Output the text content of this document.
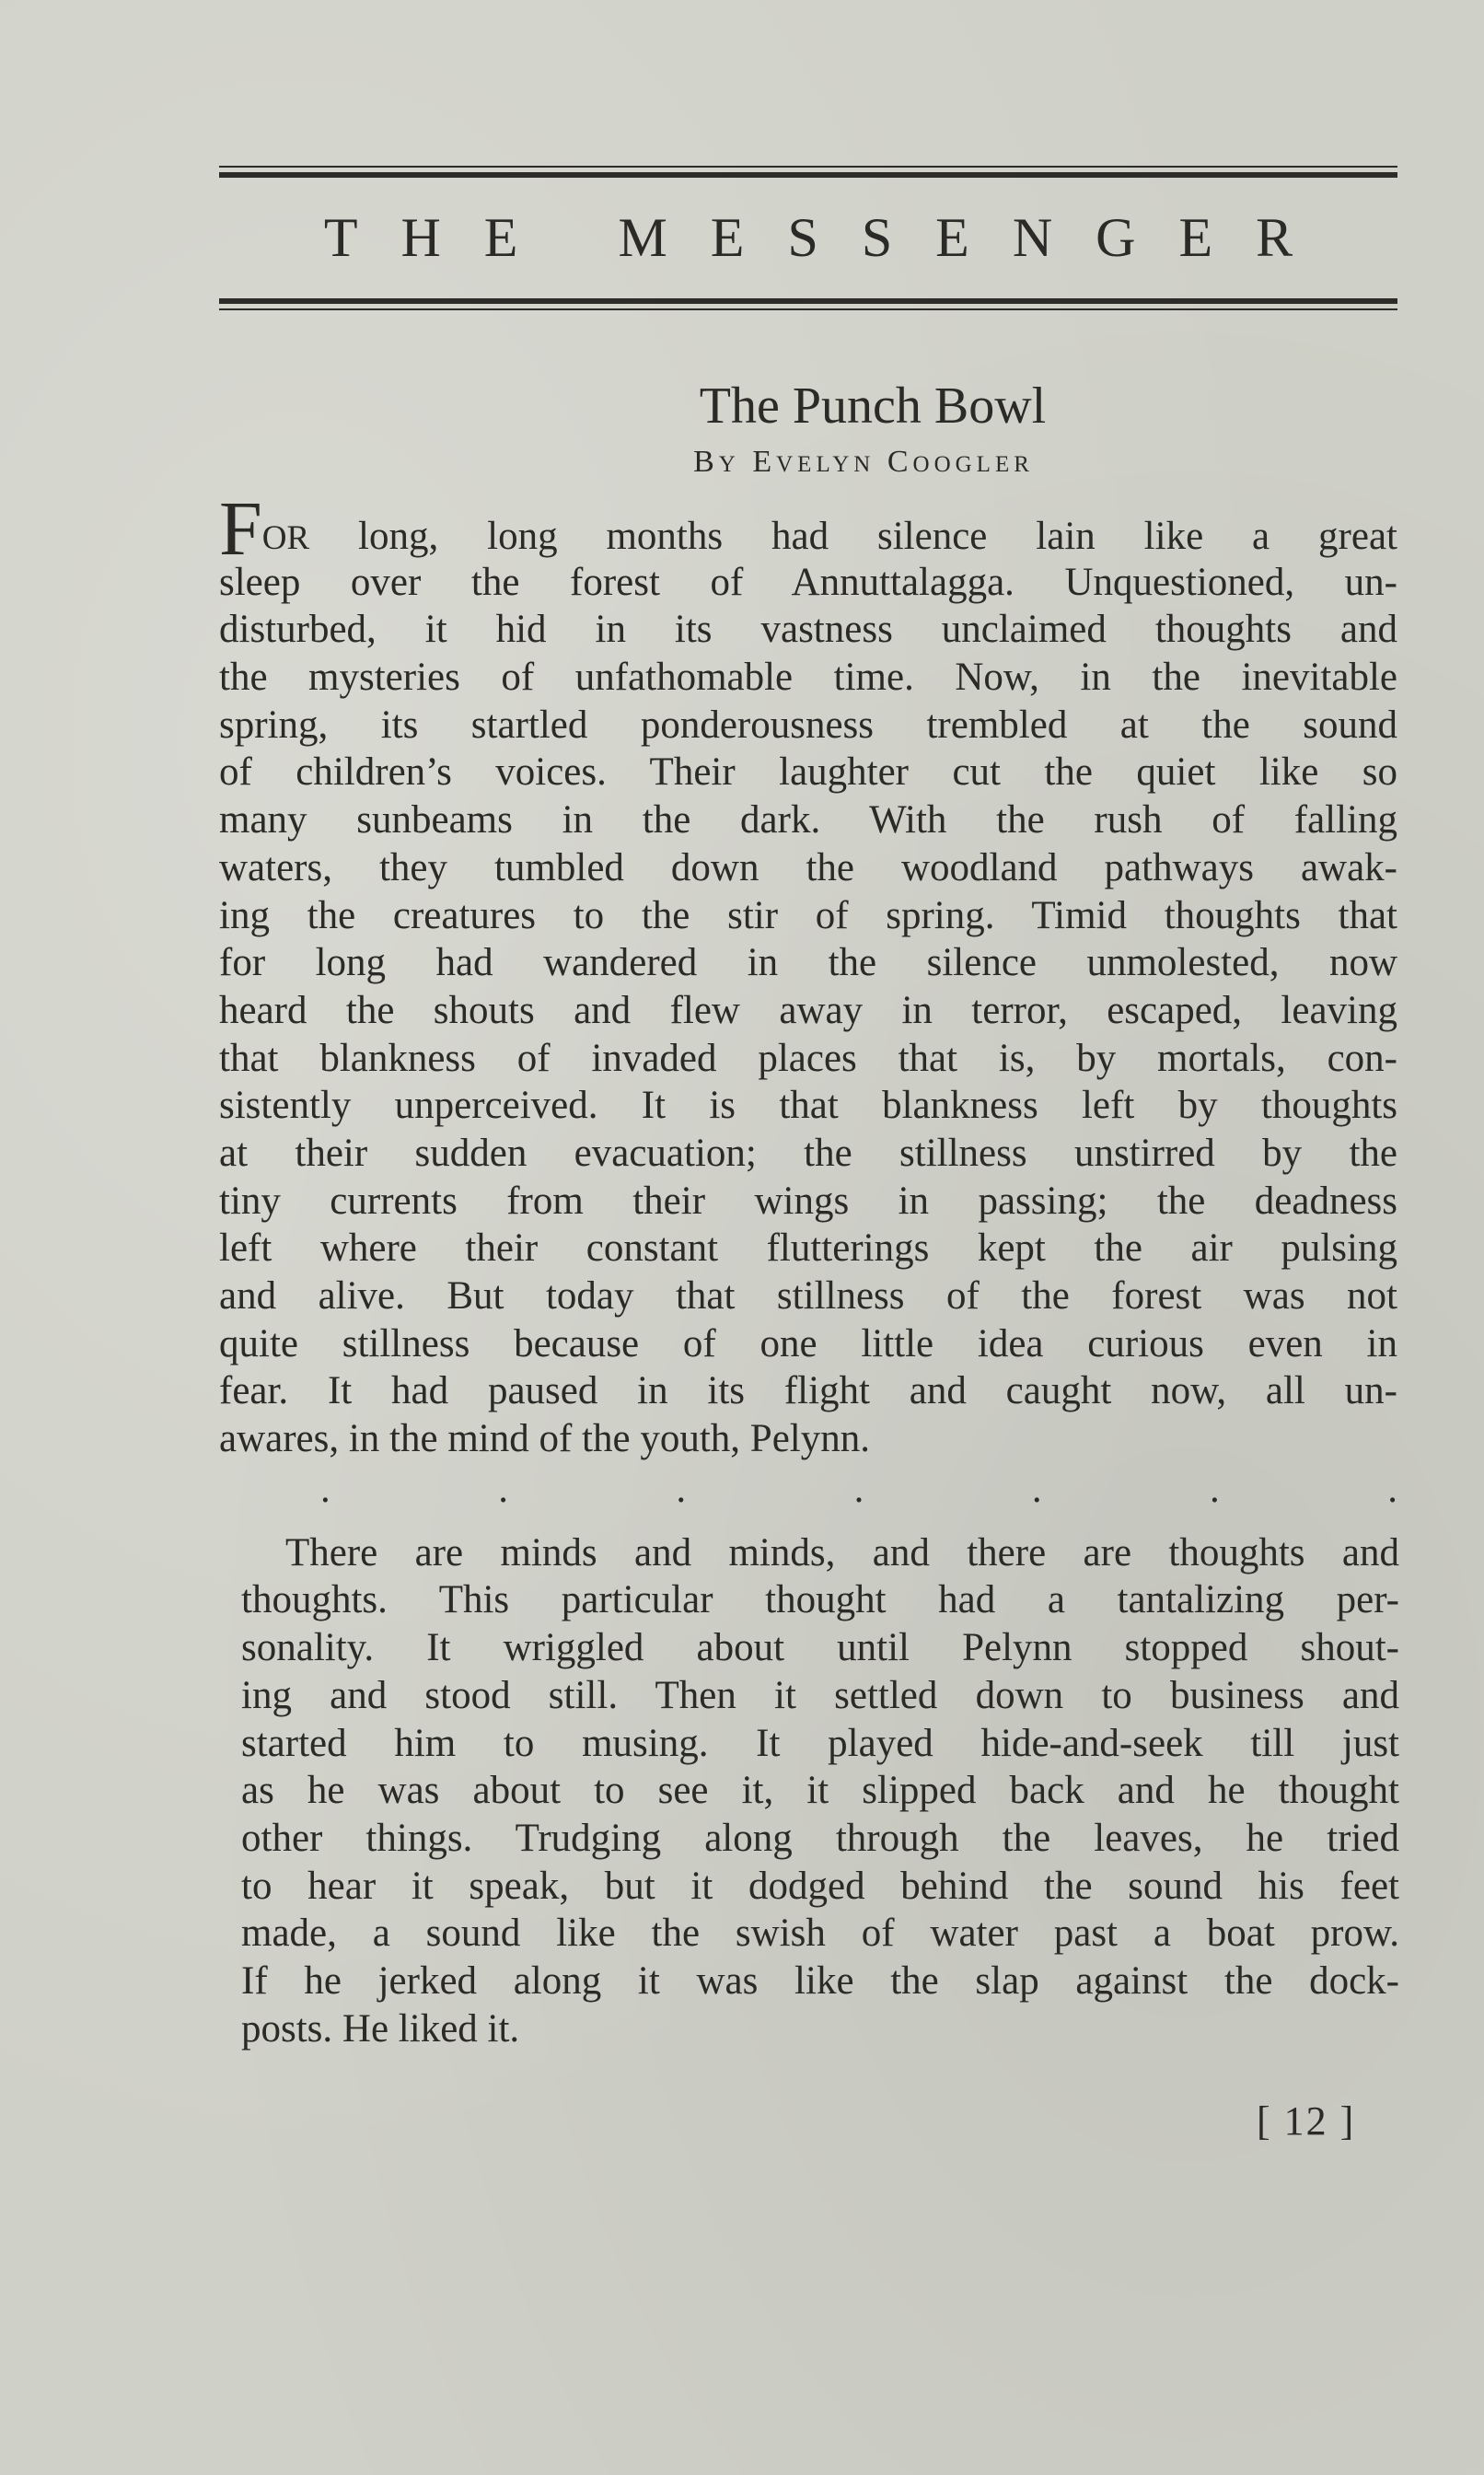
THE MESSENGER
The Punch Bowl
BY EVELYN COOGLER
FOR long, long months had silence lain like a great
sleep over the forest of Annuttalagga. Unquestioned, un-
disturbed, it hid in its vastness unclaimed thoughts and
the mysteries of unfathomable time. Now, in the inevitable
spring, its startled ponderousness trembled at the sound
of children’s voices. Their laughter cut the quiet like so
many sunbeams in the dark. With the rush of falling
waters, they tumbled down the woodland pathways awak-
ing the creatures to the stir of spring. Timid thoughts that
for long had wandered in the silence unmolested, now
heard the shouts and flew away in terror, escaped, leaving
that blankness of invaded places that is, by mortals, con-
sistently unperceived. It is that blankness left by thoughts
at their sudden evacuation; the stillness unstirred by the
tiny currents from their wings in passing; the deadness
left where their constant flutterings kept the air pulsing
and alive. But today that stillness of the forest was not
quite stillness because of one little idea curious even in
fear. It had paused in its flight and caught now, all un-
awares, in the mind of the youth, Pelynn.
.	.	.	.	.	.	.
There are minds and minds, and there are thoughts and
thoughts. This particular thought had a tantalizing per-
sonality. It wriggled about until Pelynn stopped shout-
ing and stood still. Then it settled down to business and
started him to musing. It played hide-and-seek till just
as he was about to see it, it slipped back and he thought
other things. Trudging along through the leaves, he tried
to hear it speak, but it dodged behind the sound his feet
made, a sound like the swish of water past a boat prow.
If he jerked along it was like the slap against the dock-
posts. He liked it.
[ 12 ]
